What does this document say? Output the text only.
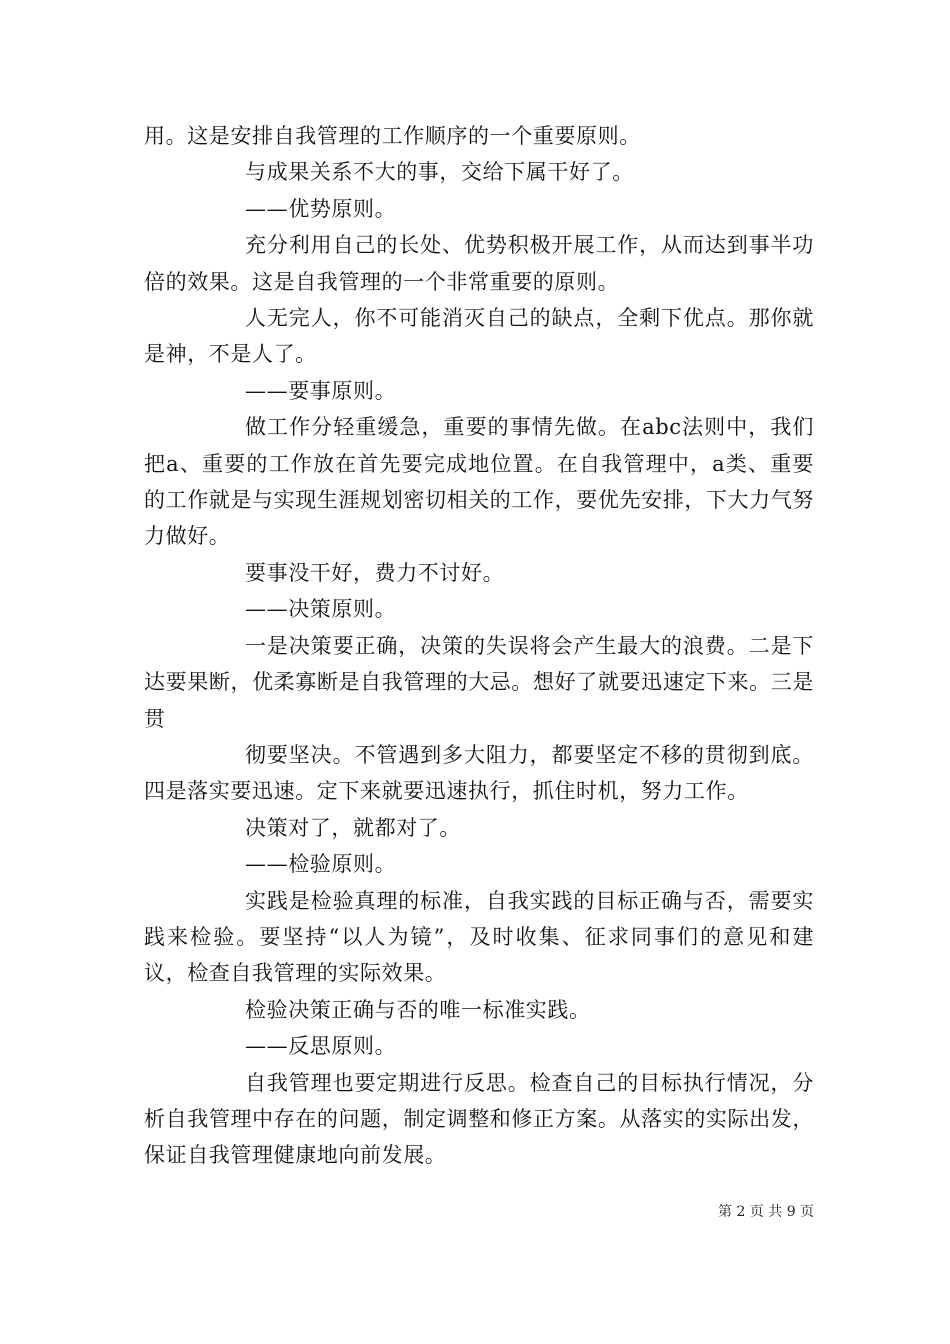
用。这是安排自我管理的工作顺序的一个重要原则。

与成果关系不大的事，交给下属干好了。

——优势原则。

充分利用自己的长处、优势积极开展工作，从而达到事半功倍的效果。这是自我管理的一个非常重要的原则。

人无完人，你不可能消灭自己的缺点，全剩下优点。那你就是神，不是人了。

——要事原则。

做工作分轻重缓急，重要的事情先做。在abc法则中，我们把a、重要的工作放在首先要完成地位置。在自我管理中，a类、重要的工作就是与实现生涯规划密切相关的工作，要优先安排，下大力气努力做好。

要事没干好，费力不讨好。

——决策原则。

一是决策要正确，决策的失误将会产生最大的浪费。二是下达要果断，优柔寡断是自我管理的大忌。想好了就要迅速定下来。三是贯

彻要坚决。不管遇到多大阻力，都要坚定不移的贯彻到底。四是落实要迅速。定下来就要迅速执行，抓住时机，努力工作。

决策对了，就都对了。

——检验原则。

实践是检验真理的标准，自我实践的目标正确与否，需要实践来检验。要坚持“以人为镜”，及时收集、征求同事们的意见和建议，检查自我管理的实际效果。

检验决策正确与否的唯一标准实践。

——反思原则。

自我管理也要定期进行反思。检查自己的目标执行情况，分析自我管理中存在的问题，制定调整和修正方案。从落实的实际出发，保证自我管理健康地向前发展。

第 2 页 共 9 页
